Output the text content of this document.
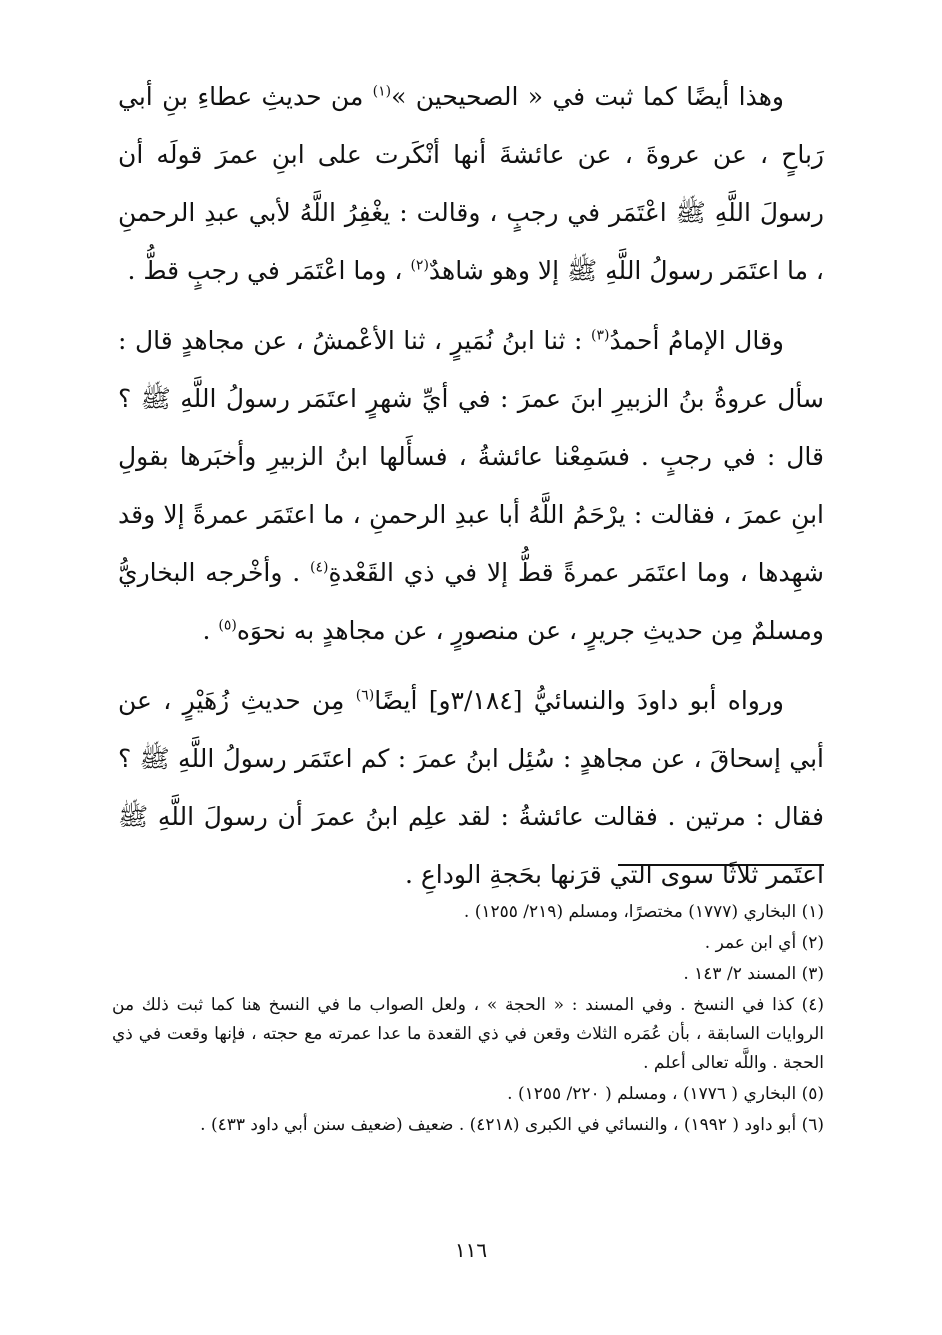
وهذا أيضًا كما ثبت في « الصحيحين »$^{(١)}$ من حديثِ عطاءِ بنِ أبي رَباحٍ ، عن عروةَ ، عن عائشةَ أنها أنْكَرت على ابنِ عمرَ قولَه أن رسولَ اللَّهِ ﷺ اعْتَمَر في رجبٍ ، وقالت : يغْفِرُ اللَّهُ لأبي عبدِ الرحمنِ ، ما اعتَمَر رسولُ اللَّهِ ﷺ إلا وهو شاهدٌ$^{(٢)}$ ، وما اعْتَمَر في رجبٍ قطُّ .

وقال الإمامُ أحمدُ$^{(٣)}$ : ثنا ابنُ نُمَيرٍ ، ثنا الأعْمشُ ، عن مجاهدٍ قال : سأل عروةُ بنُ الزبيرِ ابنَ عمرَ : في أيِّ شهرٍ اعتَمَر رسولُ اللَّهِ ﷺ ؟ قال : في رجبٍ . فسَمِعْنا عائشةُ ، فسأَلها ابنُ الزبيرِ وأخبَرها بقولِ ابنِ عمرَ ، فقالت : يرْحَمُ اللَّهُ أبا عبدِ الرحمنِ ، ما اعتَمَر عمرةً إلا وقد شهِدها ، وما اعتَمَر عمرةً قطُّ إلا في ذي القَعْدةِ$^{(٤)}$ . وأخْرجه البخاريُّ ومسلمٌ مِن حديثِ جريرٍ ، عن منصورٍ ، عن مجاهدٍ به نحوَه$^{(٥)}$ .

ورواه أبو داودَ والنسائيُّ [٣/١٨٤و] أيضًا$^{(٦)}$ مِن حديثِ زُهَيْرٍ ، عن أبي إسحاقَ ، عن مجاهدٍ : سُئِل ابنُ عمرَ : كم اعتَمَر رسولُ اللَّهِ ﷺ ؟ فقال : مرتين . فقالت عائشةُ : لقد علِم ابنُ عمرَ أن رسولَ اللَّهِ ﷺ اعتَمر ثلاثًا سوى التي قرَنها بحَجةِ الوداعِ .

(١) البخاري (١٧٧٧) مختصرًا، ومسلم (٢١٩/ ١٢٥٥) .

(٢) أي ابن عمر .

(٣) المسند ٢/ ١٤٣ .

(٤) كذا في النسخ . وفي المسند : « الحجة » ، ولعل الصواب ما في النسخ هنا كما ثبت ذلك من الروايات السابقة ، بأن عُمَره الثلاث وقعن في ذي القعدة ما عدا عمرته مع حجته ، فإنها وقعت في ذي الحجة . واللَّه تعالى أعلم .

(٥) البخاري ( ١٧٧٦) ، ومسلم ( ٢٢٠/ ١٢٥٥) .

(٦) أبو داود ( ١٩٩٢) ، والنسائي في الكبرى (٤٢١٨) . ضعيف (ضعيف سنن أبي داود ٤٣٣) .

١١٦
